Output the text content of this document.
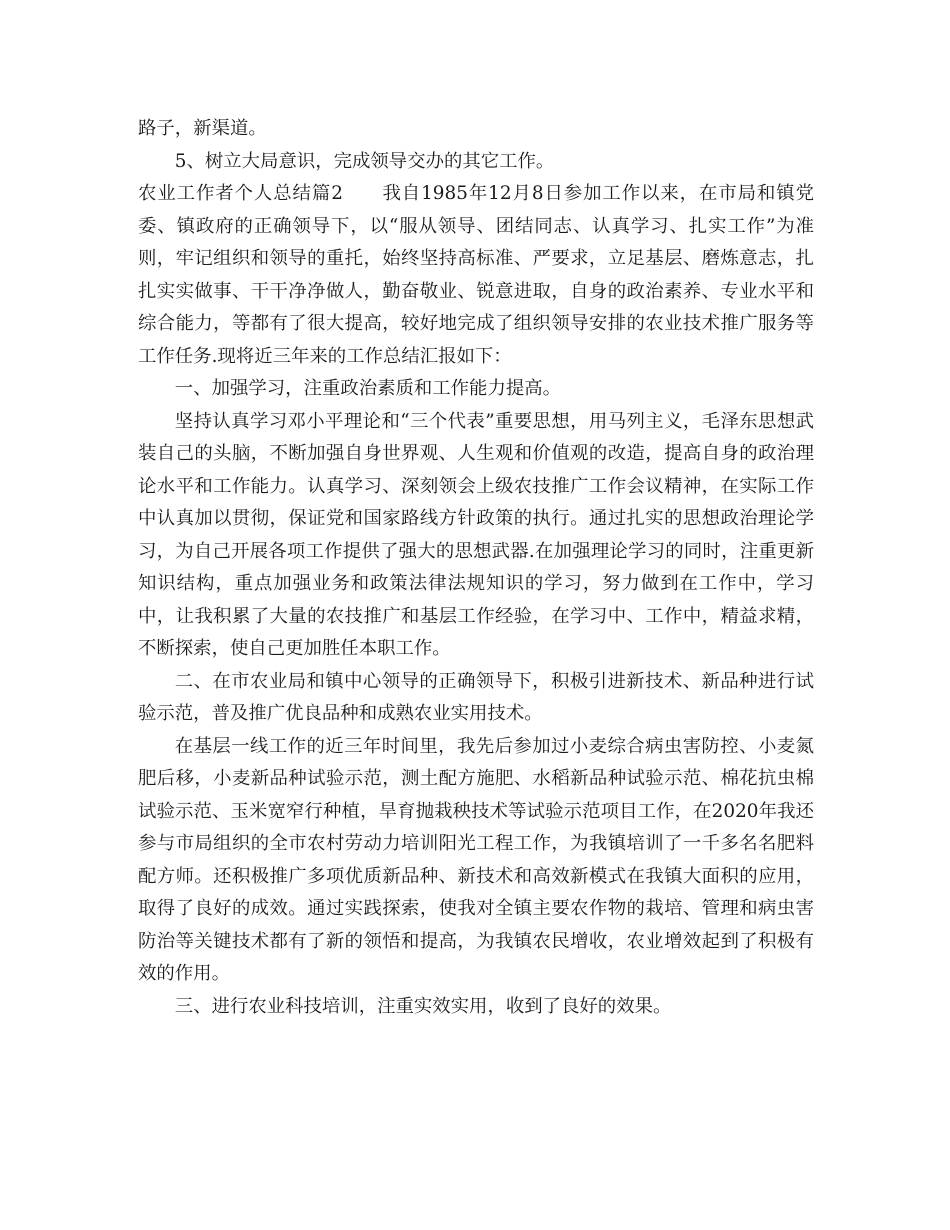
路子，新渠道。

5、树立大局意识，完成领导交办的其它工作。

农业工作者个人总结篇2　　我自1985年12月8日参加工作以来，在市局和镇党委、镇政府的正确领导下，以“服从领导、团结同志、认真学习、扎实工作”为准则，牢记组织和领导的重托，始终坚持高标准、严要求，立足基层、磨炼意志，扎扎实实做事、干干净净做人，勤奋敬业、锐意进取，自身的政治素养、专业水平和综合能力，等都有了很大提高，较好地完成了组织领导安排的农业技术推广服务等工作任务.现将近三年来的工作总结汇报如下：

一、加强学习，注重政治素质和工作能力提高。

坚持认真学习邓小平理论和“三个代表”重要思想，用马列主义，毛泽东思想武装自己的头脑，不断加强自身世界观、人生观和价值观的改造，提高自身的政治理论水平和工作能力。认真学习、深刻领会上级农技推广工作会议精神，在实际工作中认真加以贯彻，保证党和国家路线方针政策的执行。通过扎实的思想政治理论学习，为自己开展各项工作提供了强大的思想武器.在加强理论学习的同时，注重更新知识结构，重点加强业务和政策法律法规知识的学习，努力做到在工作中，学习中，让我积累了大量的农技推广和基层工作经验，在学习中、工作中，精益求精，不断探索，使自己更加胜任本职工作。

二、在市农业局和镇中心领导的正确领导下，积极引进新技术、新品种进行试验示范，普及推广优良品种和成熟农业实用技术。

在基层一线工作的近三年时间里，我先后参加过小麦综合病虫害防控、小麦氮肥后移，小麦新品种试验示范，测土配方施肥、水稻新品种试验示范、棉花抗虫棉试验示范、玉米宽窄行种植，旱育抛栽秧技术等试验示范项目工作，在2020年我还参与市局组织的全市农村劳动力培训阳光工程工作，为我镇培训了一千多名名肥料配方师。还积极推广多项优质新品种、新技术和高效新模式在我镇大面积的应用，取得了良好的成效。通过实践探索，使我对全镇主要农作物的栽培、管理和病虫害防治等关键技术都有了新的领悟和提高，为我镇农民增收，农业增效起到了积极有效的作用。

三、进行农业科技培训，注重实效实用，收到了良好的效果。
